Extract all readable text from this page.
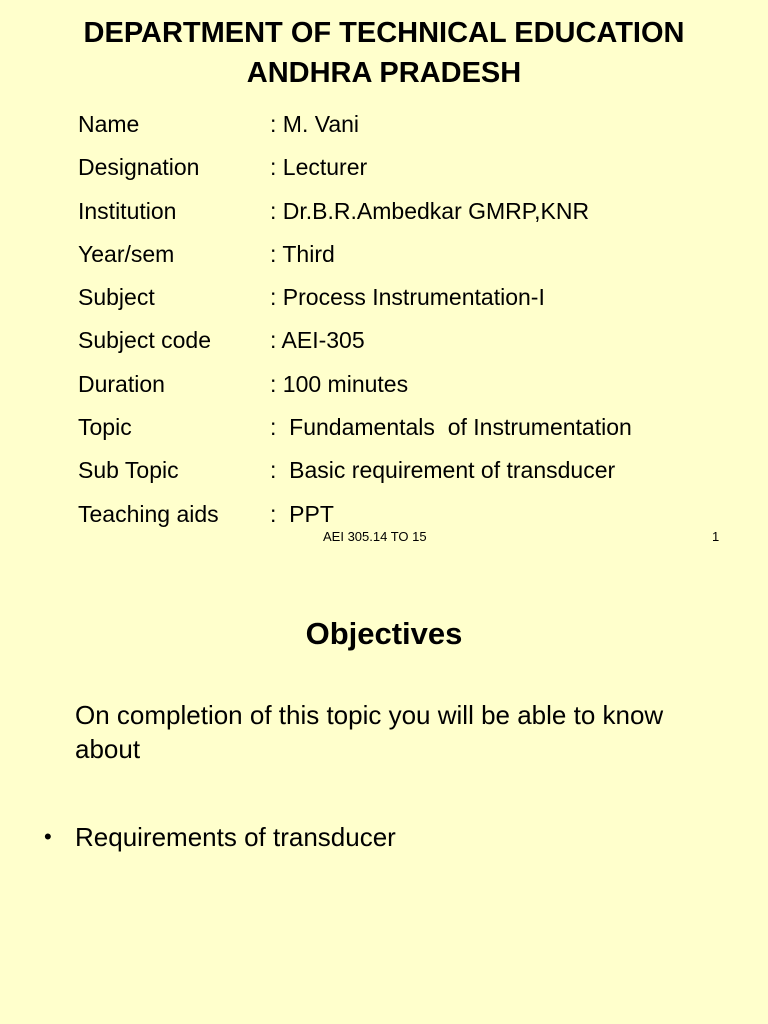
DEPARTMENT OF TECHNICAL EDUCATION
ANDHRA PRADESH
Name	: M. Vani
Designation	: Lecturer
Institution	: Dr.B.R.Ambedkar GMRP,KNR
Year/sem	: Third
Subject	: Process Instrumentation-I
Subject code	: AEI-305
Duration	: 100 minutes
Topic	:  Fundamentals  of Instrumentation
Sub Topic	:  Basic requirement of transducer
Teaching aids	:  PPT
AEI 305.14 TO 15	1
Objectives
On completion of this topic you will be able to know about
• Requirements of transducer
